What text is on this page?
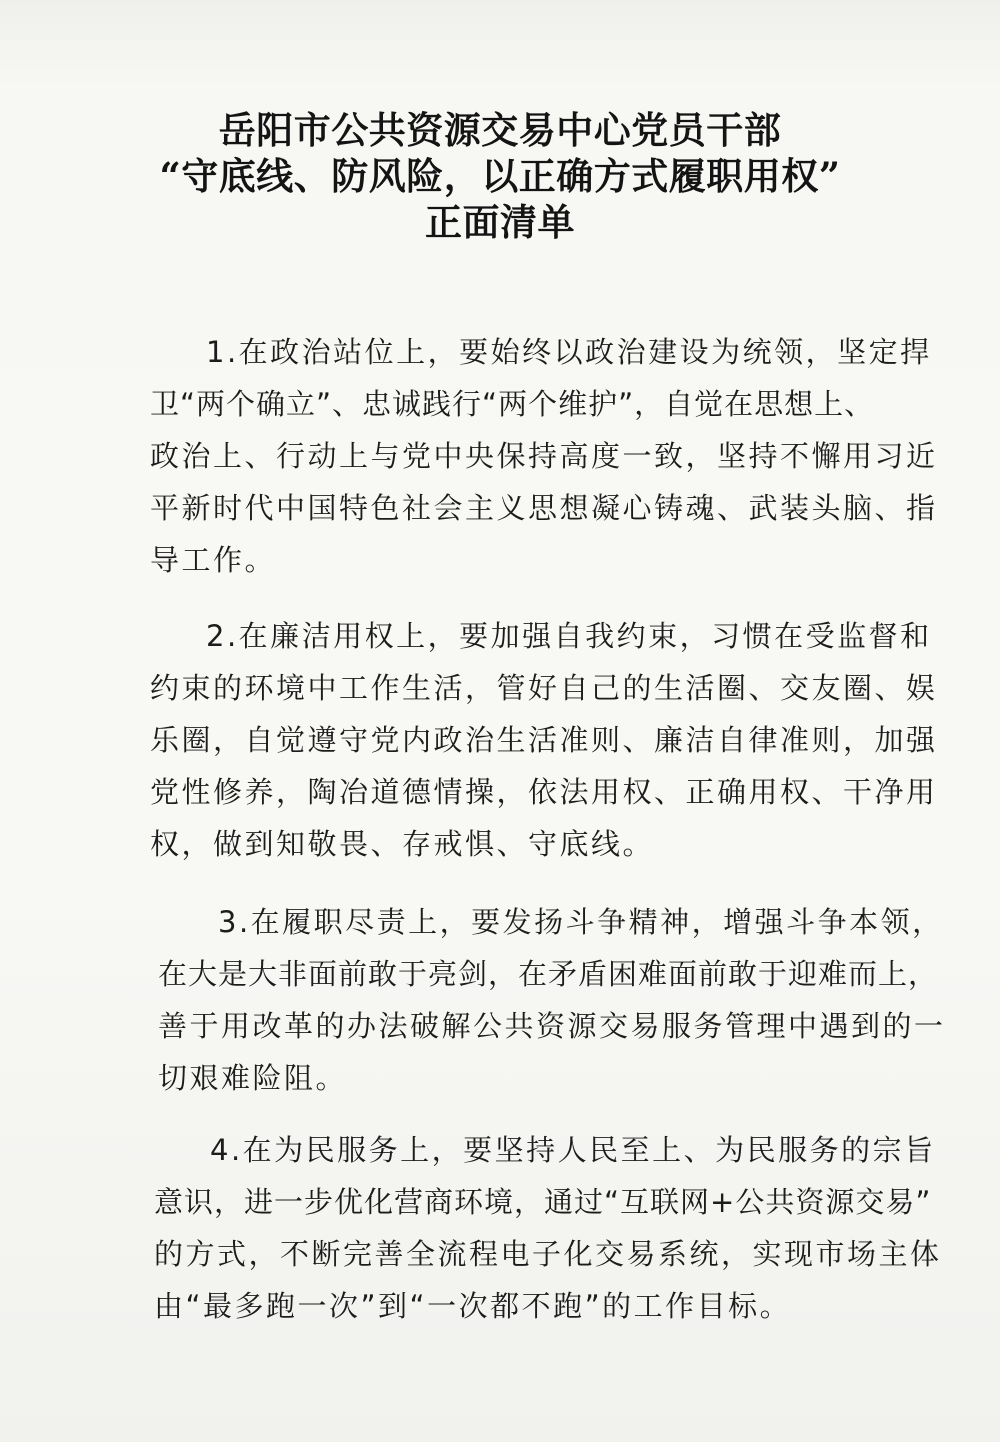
岳阳市公共资源交易中心党员干部
“守底线、防风险，以正确方式履职用权”
正面清单
1.在政治站位上，要始终以政治建设为统领，坚定捍
卫“两个确立”、忠诚践行“两个维护”，自觉在思想上、
政治上、行动上与党中央保持高度一致，坚持不懈用习近
平新时代中国特色社会主义思想凝心铸魂、武装头脑、指
导工作。
2.在廉洁用权上，要加强自我约束，习惯在受监督和
约束的环境中工作生活，管好自己的生活圈、交友圈、娱
乐圈，自觉遵守党内政治生活准则、廉洁自律准则，加强
党性修养，陶冶道德情操，依法用权、正确用权、干净用
权，做到知敬畏、存戒惧、守底线。
3.在履职尽责上，要发扬斗争精神，增强斗争本领，
在大是大非面前敢于亮剑，在矛盾困难面前敢于迎难而上，
善于用改革的办法破解公共资源交易服务管理中遇到的一
切艰难险阻。
4.在为民服务上，要坚持人民至上、为民服务的宗旨
意识，进一步优化营商环境，通过“互联网+公共资源交易”
的方式，不断完善全流程电子化交易系统，实现市场主体
由“最多跑一次”到“一次都不跑”的工作目标。
